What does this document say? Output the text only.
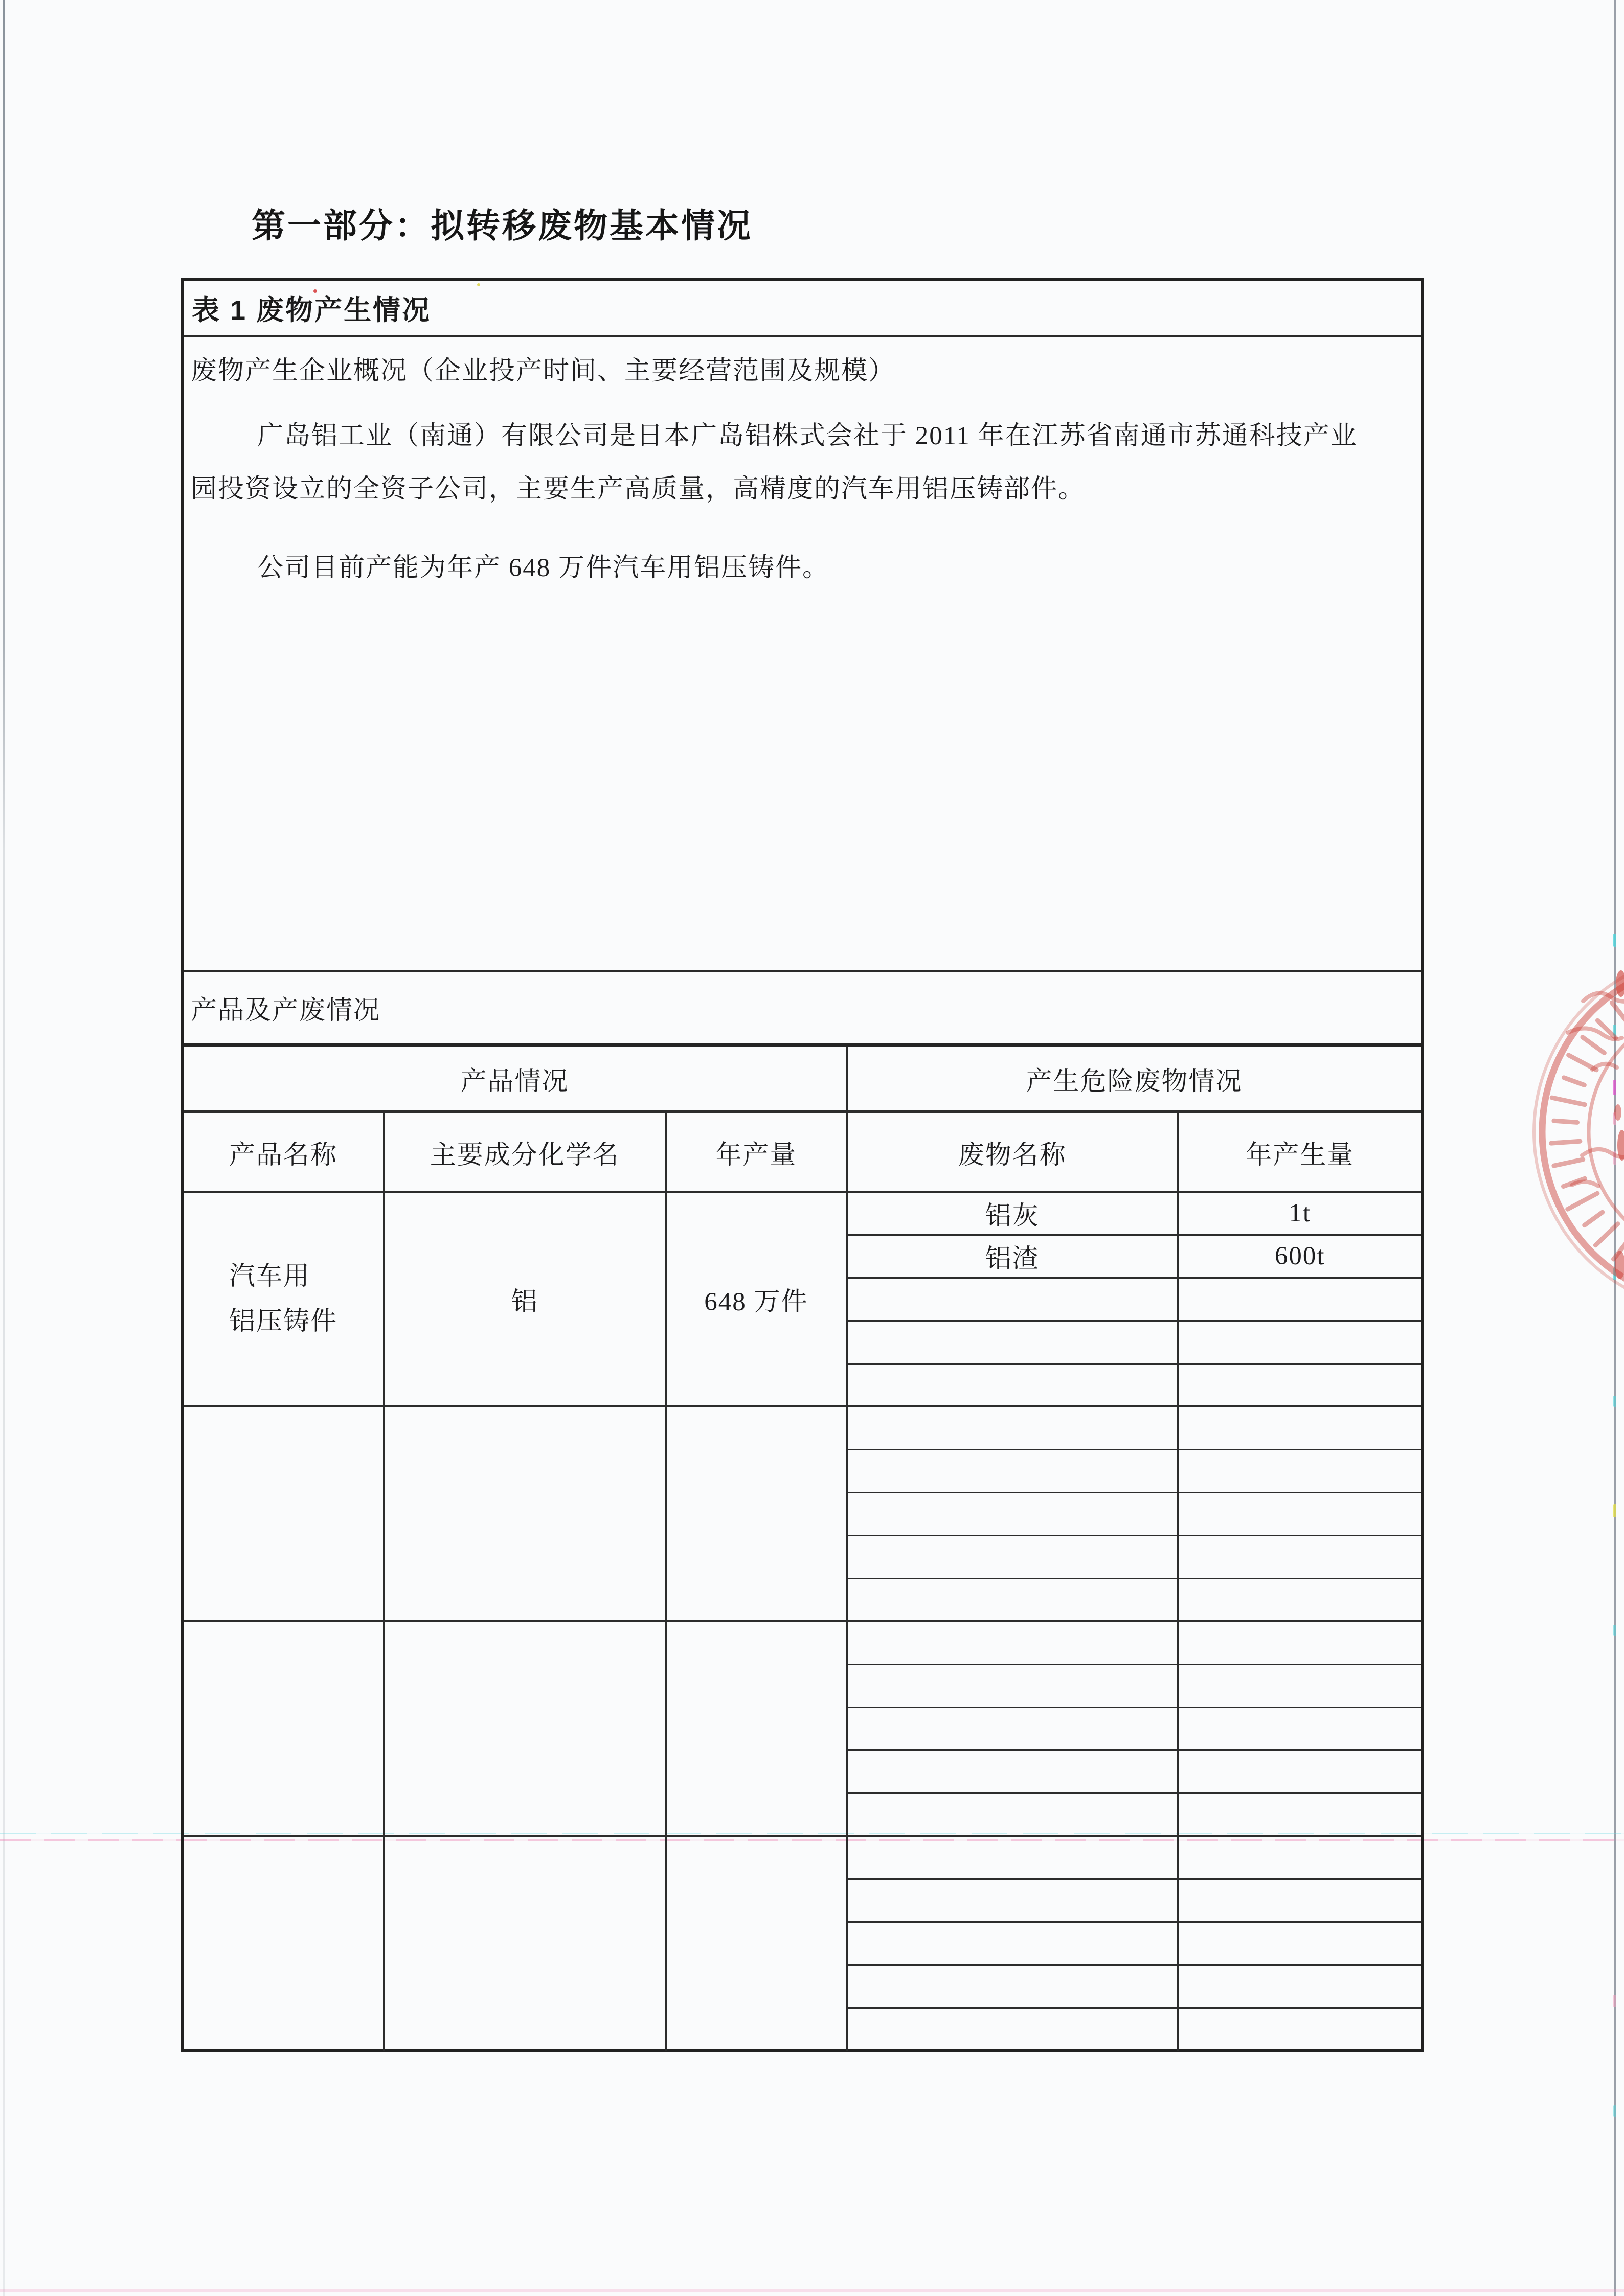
第一部分：拟转移废物基本情况
表 1 废物产生情况
废物产生企业概况（企业投产时间、主要经营范围及规模）
广岛铝工业（南通）有限公司是日本广岛铝株式会社于 2011 年在江苏省南通市苏通科技产业
园投资设立的全资子公司，主要生产高质量，高精度的汽车用铝压铸部件。
公司目前产能为年产 648 万件汽车用铝压铸件。
产品及产废情况
产品情况			产生危险废物情况	
产品名称	主要成分化学名	年产量	废物名称	年产生量

汽车用
铝压铸件	铝	648 万件	铝灰	1t
			铝渣	600t
